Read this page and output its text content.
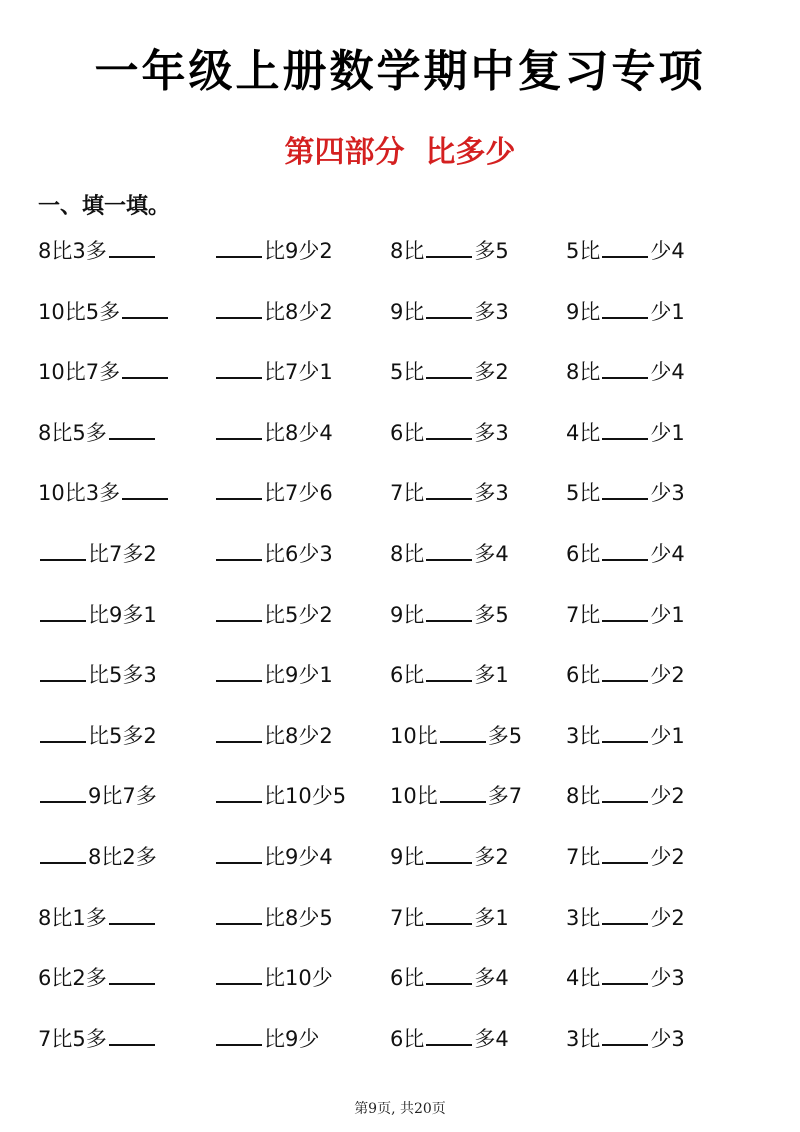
一年级上册数学期中复习专项
第四部分  比多少
一、填一填。
8比3多	比9少2	8比 多5	5比 少4
10比5多	比8少2	9比 多3	9比 少1
10比7多	比7少1	5比 多2	8比 少4
8比5多	比8少4	6比 多3	4比 少1
10比3多	比7少6	7比 多3	5比 少3
比7多2	比6少3	8比 多4	6比 少4
比9多1	比5少2	9比 多5	7比 少1
比5多3	比9少1	6比 多1	6比 少2
比5多2	比8少2	10比 多5	3比 少1
9比7多	比10少5	10比 多7	8比 少2
8比2多	比9少4	9比 多2	7比 少2
8比1多	比8少5	7比 多1	3比 少2
6比2多	比10少	6比 多4	4比 少3
7比5多	比9少	6比 多4	3比 少3
第9页, 共20页
